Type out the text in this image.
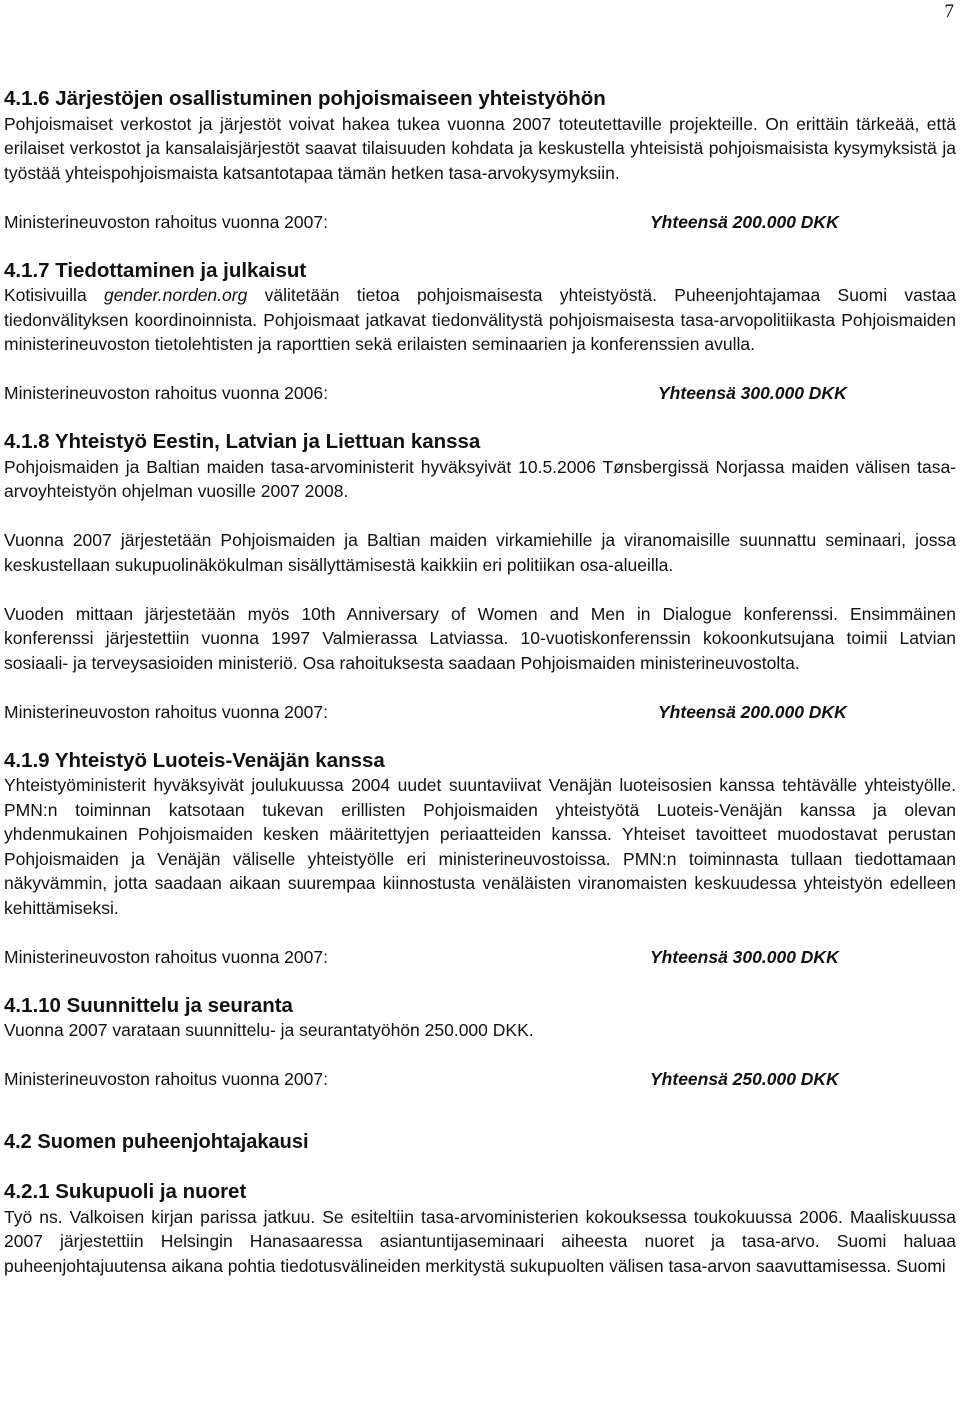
7
4.1.6 Järjestöjen osallistuminen pohjoismaiseen yhteistyöhön

Pohjoismaiset verkostot ja järjestöt voivat hakea tukea vuonna 2007 toteutettaville projekteille. On erittäin tärkeää, että erilaiset verkostot ja kansalaisjärjestöt saavat tilaisuuden kohdata ja keskustella yhteisistä pohjoismaisista kysymyksistä ja työstää yhteispohjoismaista katsantotapaa tämän hetken tasa-arvokysymyksiin.

Ministerineuvoston rahoitus vuonna 2007:	Yhteensä 200.000 DKK
4.1.7 Tiedottaminen ja julkaisut

Kotisivuilla gender.norden.org välitetään tietoa pohjoismaisesta yhteistyöstä. Puheenjohtajamaa Suomi vastaa tiedonvälityksen koordinoinnista. Pohjoismaat jatkavat tiedonvälitystä pohjoismaisesta tasa-arvopolitiikasta Pohjoismaiden ministerineuvoston tietolehtisten ja raporttien sekä erilaisten seminaarien ja konferenssien avulla.

Ministerineuvoston rahoitus vuonna 2006:	Yhteensä 300.000 DKK
4.1.8 Yhteistyö Eestin, Latvian ja Liettuan kanssa

Pohjoismaiden ja Baltian maiden tasa-arvoministerit hyväksyivät 10.5.2006 Tønsbergissä Norjassa maiden välisen tasa-arvoyhteistyön ohjelman vuosille 2007 2008.

Vuonna 2007 järjestetään Pohjoismaiden ja Baltian maiden virkamiehille ja viranomaisille suunnattu seminaari, jossa keskustellaan sukupuolinäkökulman sisällyttämisestä kaikkiin eri politiikan osa-alueilla.

Vuoden mittaan järjestetään myös 10th Anniversary of Women and Men in Dialogue konferenssi. Ensimmäinen konferenssi järjestettiin vuonna 1997 Valmierassa Latviassa. 10-vuotiskonferenssin kokoonkutsujana toimii Latvian sosiaali- ja terveysasioiden ministeriö. Osa rahoituksesta saadaan Pohjoismaiden ministerineuvostolta.

Ministerineuvoston rahoitus vuonna 2007:	Yhteensä 200.000 DKK
4.1.9 Yhteistyö Luoteis-Venäjän kanssa

Yhteistyöministerit hyväksyivät joulukuussa 2004 uudet suuntaviivat Venäjän luoteisosien kanssa tehtävälle yhteistyölle. PMN:n toiminnan katsotaan tukevan erillisten Pohjoismaiden yhteistyötä Luoteis-Venäjän kanssa ja olevan yhdenmukainen Pohjoismaiden kesken määritettyjen periaatteiden kanssa. Yhteiset tavoitteet muodostavat perustan Pohjoismaiden ja Venäjän väliselle yhteistyölle eri ministerineuvostoissa. PMN:n toiminnasta tullaan tiedottamaan näkyvämmin, jotta saadaan aikaan suurempaa kiinnostusta venäläisten viranomaisten keskuudessa yhteistyön edelleen kehittämiseksi.

Ministerineuvoston rahoitus vuonna 2007:	Yhteensä 300.000 DKK
4.1.10 Suunnittelu ja seuranta

Vuonna 2007 varataan suunnittelu- ja seurantatyöhön 250.000 DKK.

Ministerineuvoston rahoitus vuonna 2007:	Yhteensä 250.000 DKK
4.2 Suomen puheenjohtajakausi
4.2.1 Sukupuoli ja nuoret

Työ ns. Valkoisen kirjan parissa jatkuu. Se esiteltiin tasa-arvoministerien kokouksessa toukokuussa 2006. Maaliskuussa 2007 järjestettiin Helsingin Hanasaaressa asiantuntijaseminaari aiheesta nuoret ja tasa-arvo. Suomi haluaa puheenjohtajuutensa aikana pohtia tiedotusvälineiden merkitystä sukupuolten välisen tasa-arvon saavuttamisessa. Suomi
